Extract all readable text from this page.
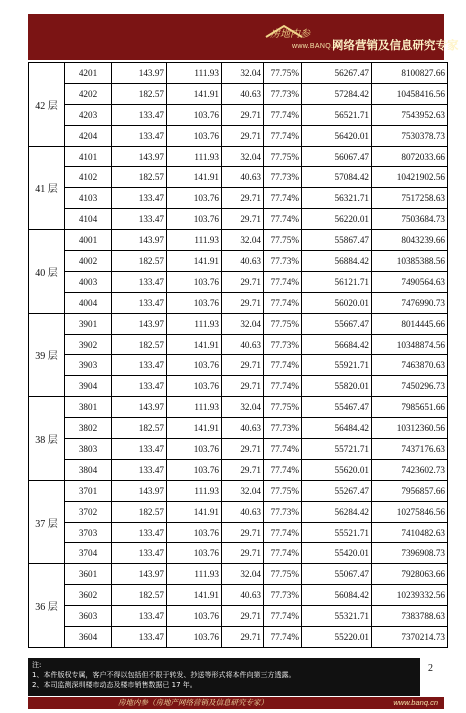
房地内参
www.BANQ.cn
网络营销及信息研究专家
42 层	4201	143.97	111.93	32.04	77.75%	56267.47	8100827.66
	4202	182.57	141.91	40.63	77.73%	57284.42	10458416.56
	4203	133.47	103.76	29.71	77.74%	56521.71	7543952.63
	4204	133.47	103.76	29.71	77.74%	56420.01	7530378.73
41 层	4101	143.97	111.93	32.04	77.75%	56067.47	8072033.66
	4102	182.57	141.91	40.63	77.73%	57084.42	10421902.56
	4103	133.47	103.76	29.71	77.74%	56321.71	7517258.63
	4104	133.47	103.76	29.71	77.74%	56220.01	7503684.73
40 层	4001	143.97	111.93	32.04	77.75%	55867.47	8043239.66
	4002	182.57	141.91	40.63	77.73%	56884.42	10385388.56
	4003	133.47	103.76	29.71	77.74%	56121.71	7490564.63
	4004	133.47	103.76	29.71	77.74%	56020.01	7476990.73
39 层	3901	143.97	111.93	32.04	77.75%	55667.47	8014445.66
	3902	182.57	141.91	40.63	77.73%	56684.42	10348874.56
	3903	133.47	103.76	29.71	77.74%	55921.71	7463870.63
	3904	133.47	103.76	29.71	77.74%	55820.01	7450296.73
38 层	3801	143.97	111.93	32.04	77.75%	55467.47	7985651.66
	3802	182.57	141.91	40.63	77.73%	56484.42	10312360.56
	3803	133.47	103.76	29.71	77.74%	55721.71	7437176.63
	3804	133.47	103.76	29.71	77.74%	55620.01	7423602.73
37 层	3701	143.97	111.93	32.04	77.75%	55267.47	7956857.66
	3702	182.57	141.91	40.63	77.73%	56284.42	10275846.56
	3703	133.47	103.76	29.71	77.74%	55521.71	7410482.63
	3704	133.47	103.76	29.71	77.74%	55420.01	7396908.73
36 层	3601	143.97	111.93	32.04	77.75%	55067.47	7928063.66
	3602	182.57	141.91	40.63	77.73%	56084.42	10239332.56
	3603	133.47	103.76	29.71	77.74%	55321.71	7383788.63
	3604	133.47	103.76	29.71	77.74%	55220.01	7370214.73
注:
1、本件版权专属，客户不得以包括但不限于转发、抄送等形式将本件向第三方透露。
2、本司监测深圳楼市动态及楼市销售数据已 17 年。
2
房地内参（房地产网络营销及信息研究专家）	www.banq.cn
